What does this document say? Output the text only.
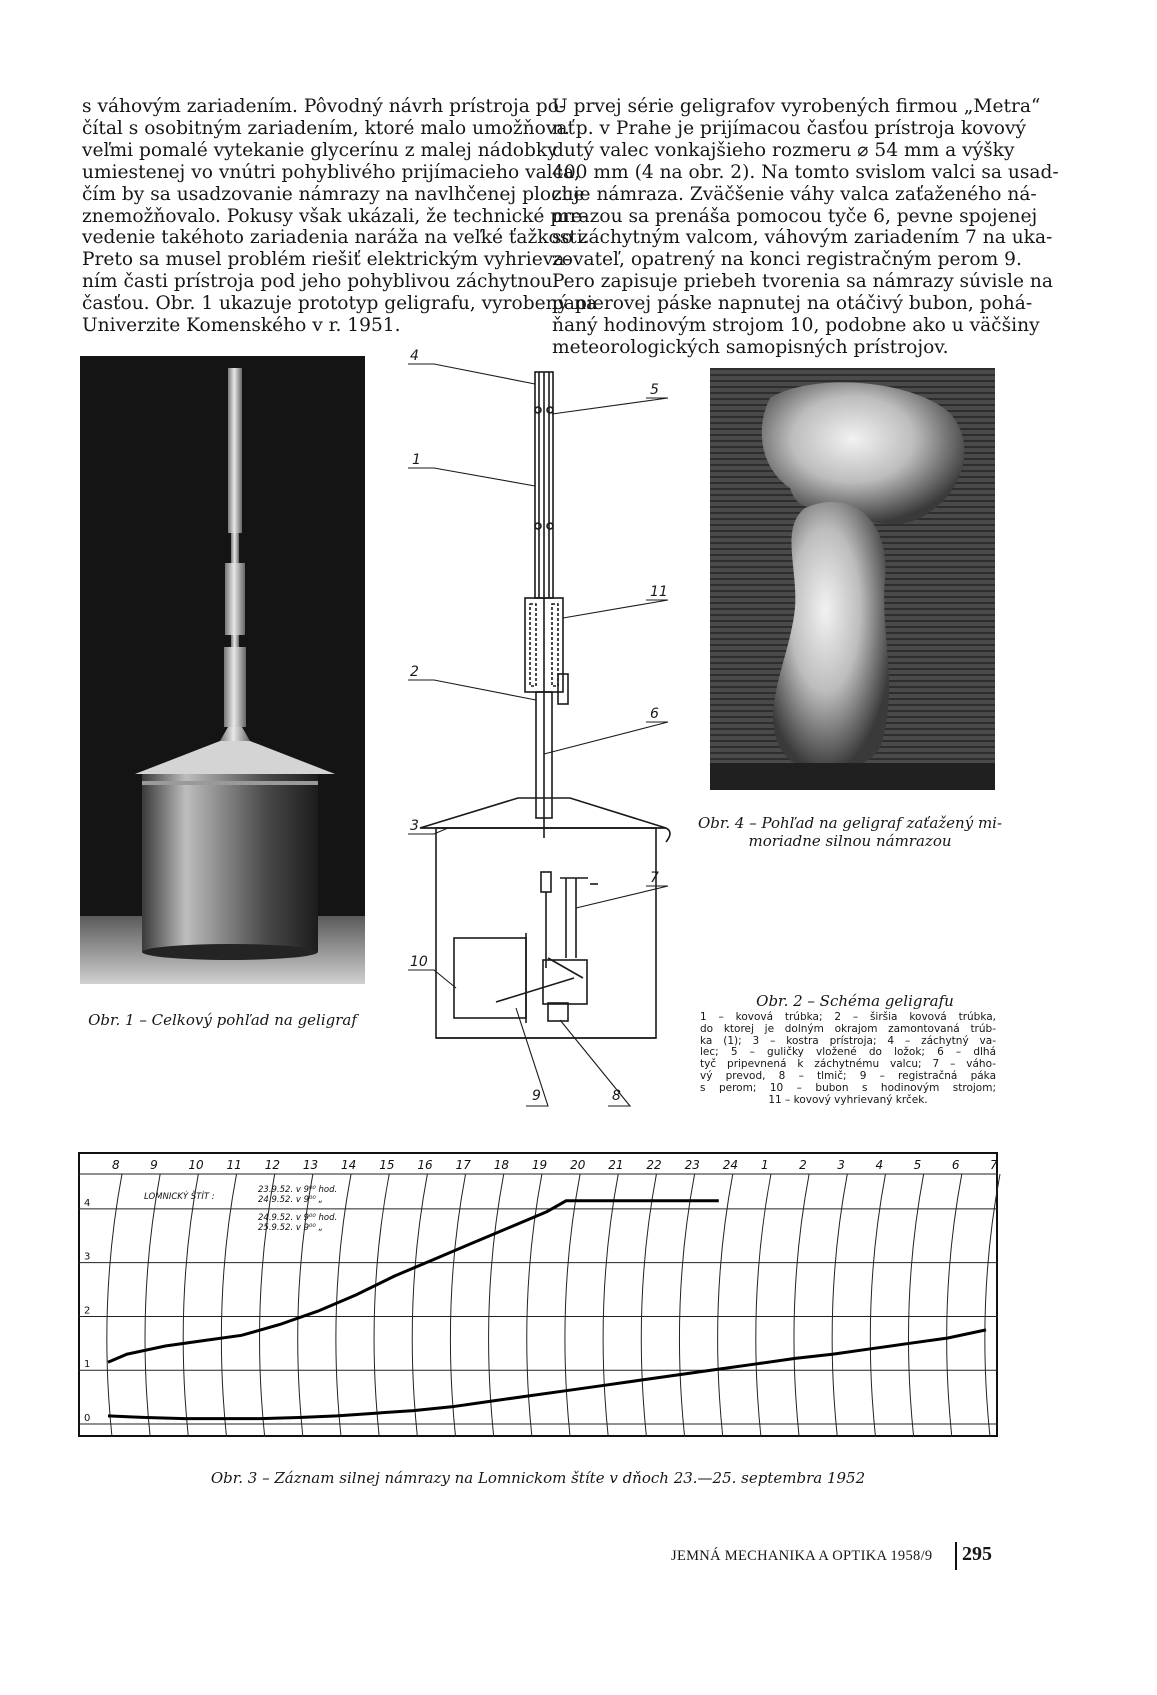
s váhovým zariadením. Pôvodný návrh prístroja po-
čítal s osobitným zariadením, ktoré malo umožňovať
veľmi pomalé vytekanie glycerínu z malej nádobky
umiestenej vo vnútri pohyblivého prijímacieho valca,
čím by sa usadzovanie námrazy na navlhčenej ploche
znemožňovalo. Pokusy však ukázali, že technické pre-
vedenie takéhoto zariadenia naráža na veľké ťažkosti.
Preto sa musel problém riešiť elektrickým vyhrieva-
ním časti prístroja pod jeho pohyblivou záchytnou
časťou. Obr. 1 ukazuje prototyp geligrafu, vyrobený na
Univerzite Komenského v r. 1951.
U prvej série geligrafov vyrobených firmou „Metra“
n. p. v Prahe je prijímacou časťou prístroja kovový
dutý valec vonkajšieho rozmeru ⌀ 54 mm a výšky
400 mm (4 na obr. 2). Na tomto svislom valci sa usad-
zuje námraza. Zväčšenie váhy valca zaťaženého ná-
mrazou sa prenáša pomocou tyče 6, pevne spojenej
so záchytným valcom, váhovým zariadením 7 na uka-
zovateľ, opatrený na konci registračným perom 9.
Pero zapisuje priebeh tvorenia sa námrazy súvisle na
papierovej páske napnutej na otáčivý bubon, pohá-
ňaný hodinovým strojom 10, podobne ako u väčšiny
meteorologických samopisných prístrojov.
Obr. 1 – Celkový pohľad na geligraf
4
5
1
11
2
6
3
7
10
9	8
Obr. 4 – Pohľad na geligraf zaťažený mi-
moriadne silnou námrazou
Obr. 2 – Schéma geligrafu
1 – kovová trúbka; 2 – širšia kovová trúbka,
do ktorej je dolným okrajom zamontovaná trúb-
ka (1); 3 – kostra prístroja; 4 – záchytný va-
lec; 5 – guličky vložené do ložok; 6 – dlhá
tyč pripevnená k záchytnému valcu; 7 – váho-
vý prevod, 8 – tlmič; 9 – registračná páka
s perom; 10 – bubon s hodinovým strojom;
11 – kovový vyhrievaný krček.
8	9	10 11 12 13 14 15 16 17 18 19 20 21 22 23 24 1	2	3	4	5	6	7
0
1
2
3
4
LOMNICKÝ ŠTÍT :
23.9.52. v 9⁰⁰ hod.
24.9.52. v 9⁰⁰ „
24.9.52. v 9⁰⁰ hod.
25.9.52. v 9⁰⁰ „
Obr. 3 – Záznam silnej námrazy na Lomnickom štíte v dňoch 23.—25. septembra 1952
JEMNÁ MECHANIKA A OPTIKA 1958/9 295
